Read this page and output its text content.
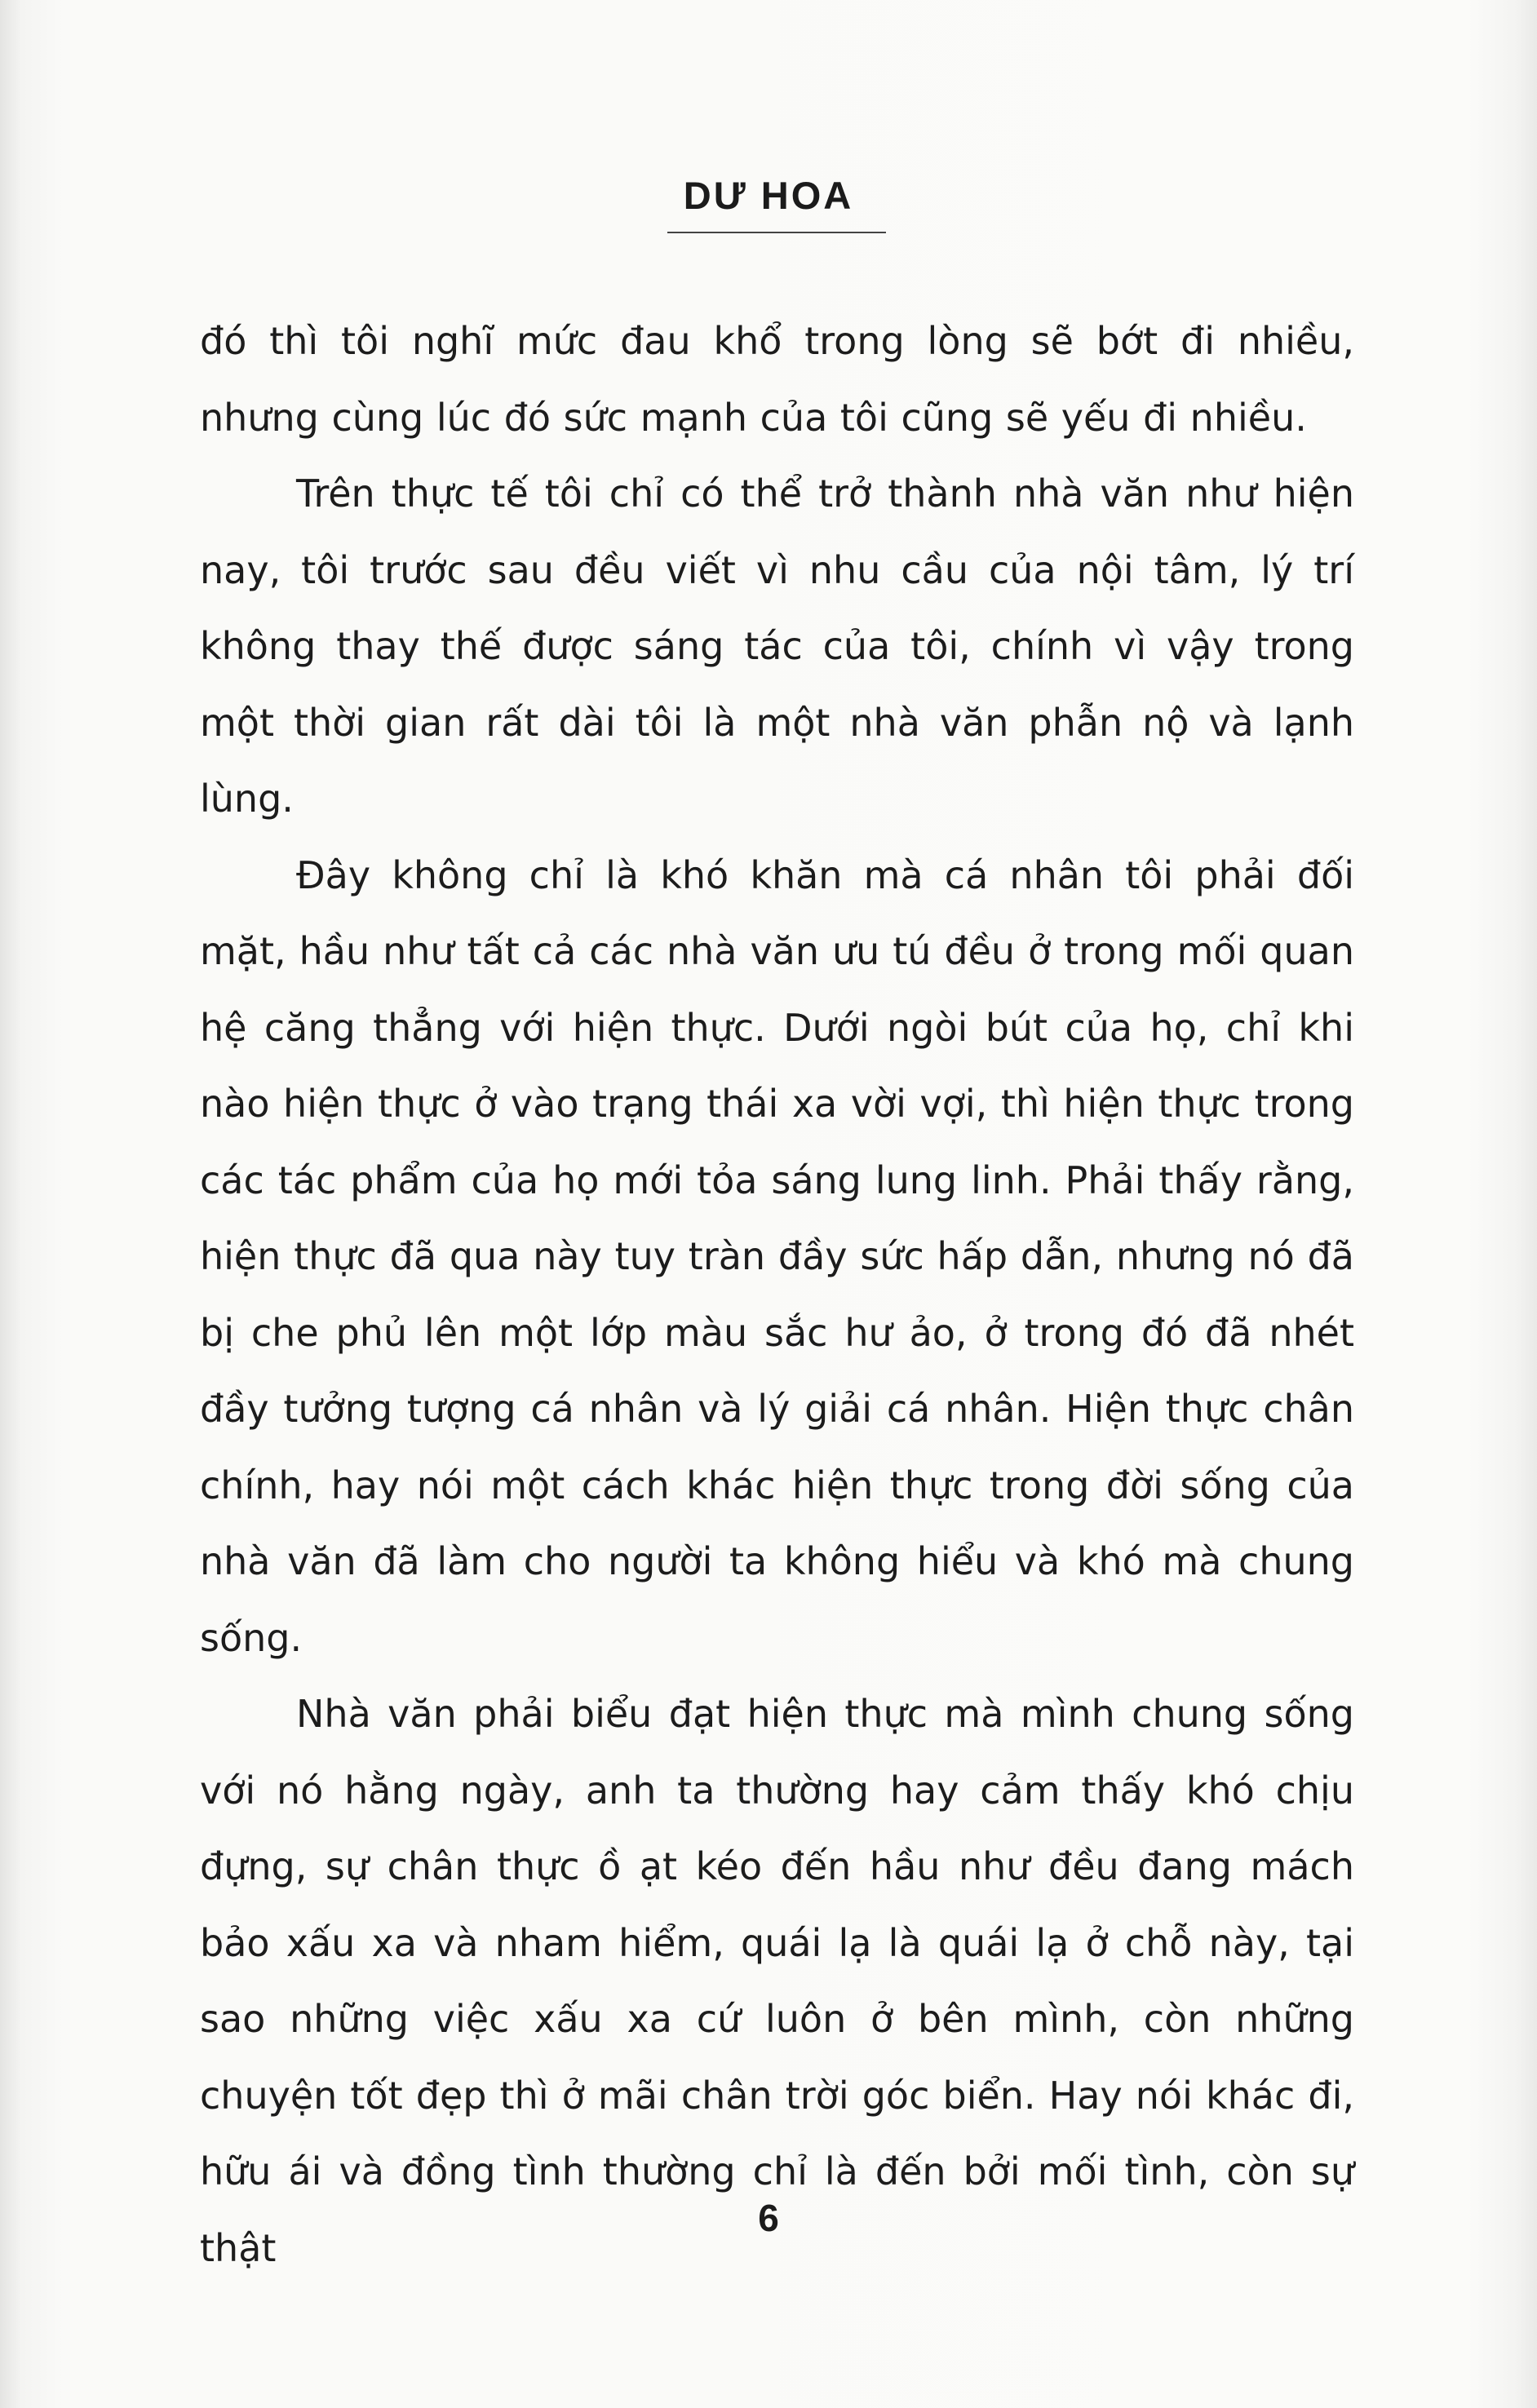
DƯ HOA

đó thì tôi nghĩ mức đau khổ trong lòng sẽ bớt đi nhiều, nhưng cùng lúc đó sức mạnh của tôi cũng sẽ yếu đi nhiều.

Trên thực tế tôi chỉ có thể trở thành nhà văn như hiện nay, tôi trước sau đều viết vì nhu cầu của nội tâm, lý trí không thay thế được sáng tác của tôi, chính vì vậy trong một thời gian rất dài tôi là một nhà văn phẫn nộ và lạnh lùng.

Đây không chỉ là khó khăn mà cá nhân tôi phải đối mặt, hầu như tất cả các nhà văn ưu tú đều ở trong mối quan hệ căng thẳng với hiện thực. Dưới ngòi bút của họ, chỉ khi nào hiện thực ở vào trạng thái xa vời vợi, thì hiện thực trong các tác phẩm của họ mới tỏa sáng lung linh. Phải thấy rằng, hiện thực đã qua này tuy tràn đầy sức hấp dẫn, nhưng nó đã bị che phủ lên một lớp màu sắc hư ảo, ở trong đó đã nhét đầy tưởng tượng cá nhân và lý giải cá nhân. Hiện thực chân chính, hay nói một cách khác hiện thực trong đời sống của nhà văn đã làm cho người ta không hiểu và khó mà chung sống.

Nhà văn phải biểu đạt hiện thực mà mình chung sống với nó hằng ngày, anh ta thường hay cảm thấy khó chịu đựng, sự chân thực ồ ạt kéo đến hầu như đều đang mách bảo xấu xa và nham hiểm, quái lạ là quái lạ ở chỗ này, tại sao những việc xấu xa cứ luôn ở bên mình, còn những chuyện tốt đẹp thì ở mãi chân trời góc biển. Hay nói khác đi, hữu ái và đồng tình thường chỉ là đến bởi mối tình, còn sự thật

6
